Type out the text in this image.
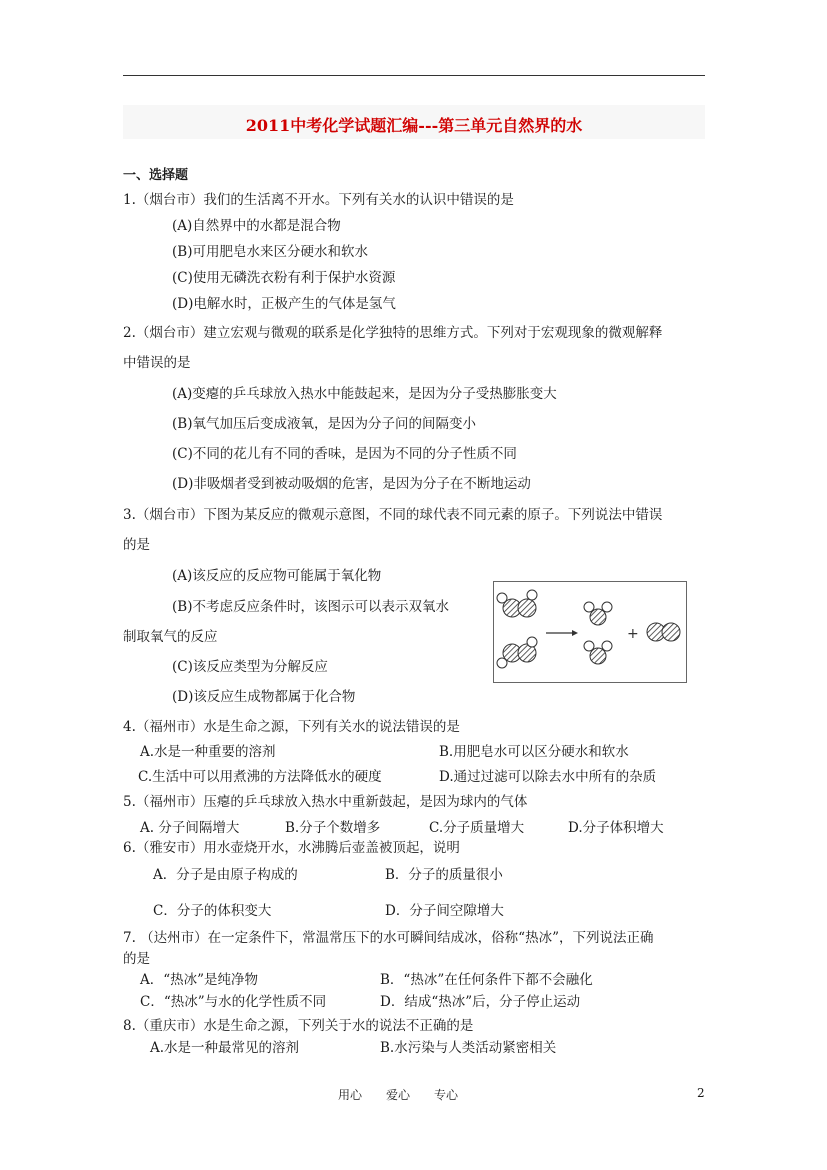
2011中考化学试题汇编---第三单元自然界的水
一、选择题
1.（烟台市）我们的生活离不开水。下列有关水的认识中错误的是
(A)自然界中的水都是混合物
(B)可用肥皂水来区分硬水和软水
(C)使用无磷洗衣粉有利于保护水资源
(D)电解水时，正极产生的气体是氢气
2.（烟台市）建立宏观与微观的联系是化学独特的思维方式。下列对于宏观现象的微观解释
中错误的是
(A)变瘪的乒乓球放入热水中能鼓起来，是因为分子受热膨胀变大
(B)氧气加压后变成液氧，是因为分子问的间隔变小
(C)不同的花儿有不同的香味，是因为不同的分子性质不同
(D)非吸烟者受到被动吸烟的危害，是因为分子在不断地运动
3.（烟台市）下图为某反应的微观示意图，不同的球代表不同元素的原子。下列说法中错误
的是
(A)该反应的反应物可能属于氧化物
(B)不考虑反应条件时，该图示可以表示双氧水
制取氧气的反应
(C)该反应类型为分解反应
(D)该反应生成物都属于化合物
+
4.（福州市）水是生命之源，下列有关水的说法错误的是
A.水是一种重要的溶剂	B.用肥皂水可以区分硬水和软水
C.生活中可以用煮沸的方法降低水的硬度	D.通过过滤可以除去水中所有的杂质
5.（福州市）压瘪的乒乓球放入热水中重新鼓起，是因为球内的气体
A. 分子间隔增大	B.分子个数增多	C.分子质量增大	D.分子体积增大
6.（雅安市）用水壶烧开水，水沸腾后壶盖被顶起，说明
A．分子是由原子构成的	B．分子的质量很小
C．分子的体积变大	D．分子间空隙增大
7. （达州市）在一定条件下，常温常压下的水可瞬间结成冰，俗称“热冰”，下列说法正确
的是
A．“热冰”是纯净物	B．“热冰”在任何条件下都不会融化
C．“热冰”与水的化学性质不同	D．结成“热冰”后，分子停止运动
8.（重庆市）水是生命之源，下列关于水的说法不正确的是
A.水是一种最常见的溶剂	B.水污染与人类活动紧密相关
用心　　爱心　　专心	2
